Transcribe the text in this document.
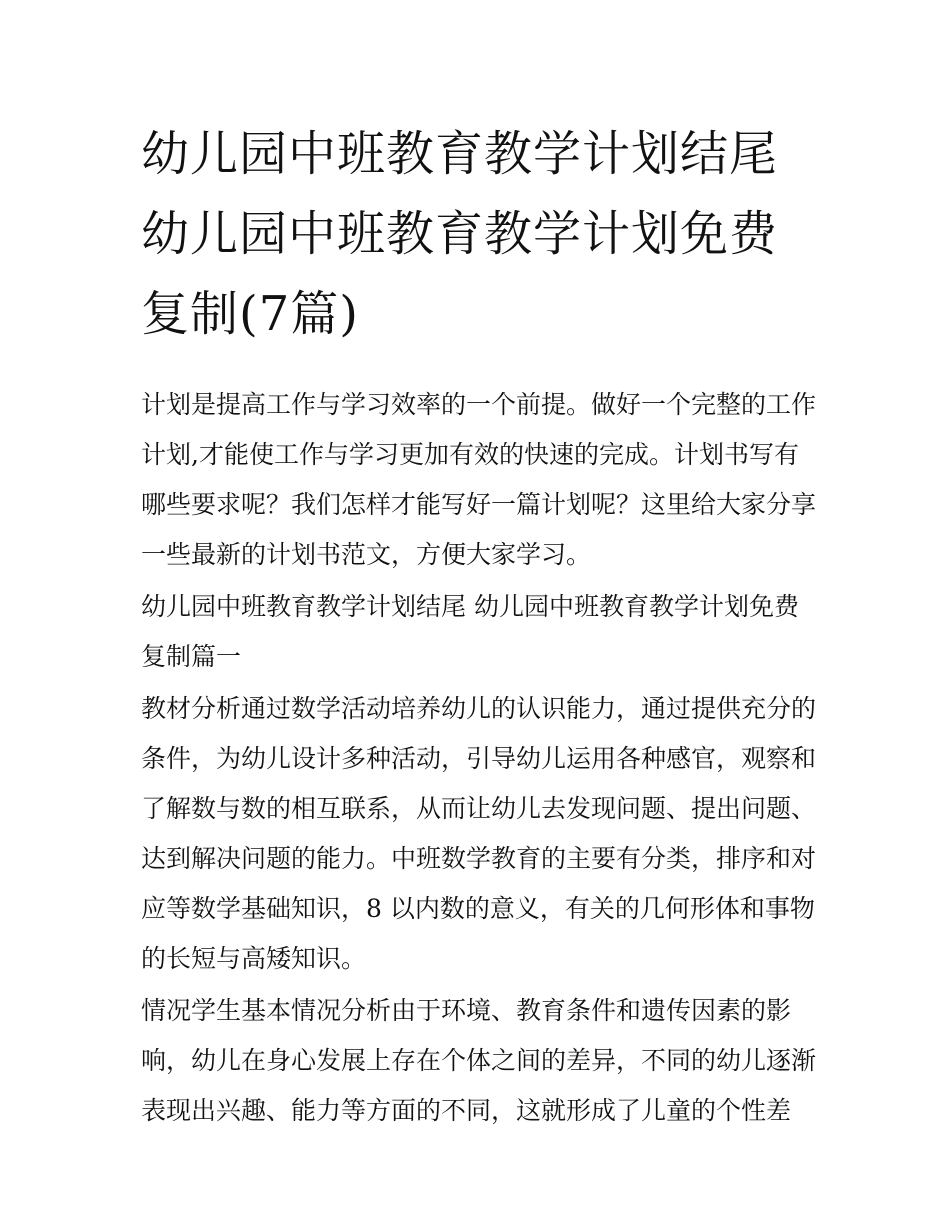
幼儿园中班教育教学计划结尾
幼儿园中班教育教学计划免费
复制(7篇)

计划是提高工作与学习效率的一个前提。做好一个完整的工作
计划,才能使工作与学习更加有效的快速的完成。计划书写有
哪些要求呢？我们怎样才能写好一篇计划呢？这里给大家分享
一些最新的计划书范文，方便大家学习。

幼儿园中班教育教学计划结尾 幼儿园中班教育教学计划免费
复制篇一

教材分析通过数学活动培养幼儿的认识能力，通过提供充分的
条件，为幼儿设计多种活动，引导幼儿运用各种感官，观察和
了解数与数的相互联系，从而让幼儿去发现问题、提出问题、
达到解决问题的能力。中班数学教育的主要有分类，排序和对
应等数学基础知识，8 以内数的意义，有关的几何形体和事物
的长短与高矮知识。

情况学生基本情况分析由于环境、教育条件和遗传因素的影
响，幼儿在身心发展上存在个体之间的差异，不同的幼儿逐渐
表现出兴趣、能力等方面的不同，这就形成了儿童的个性差
